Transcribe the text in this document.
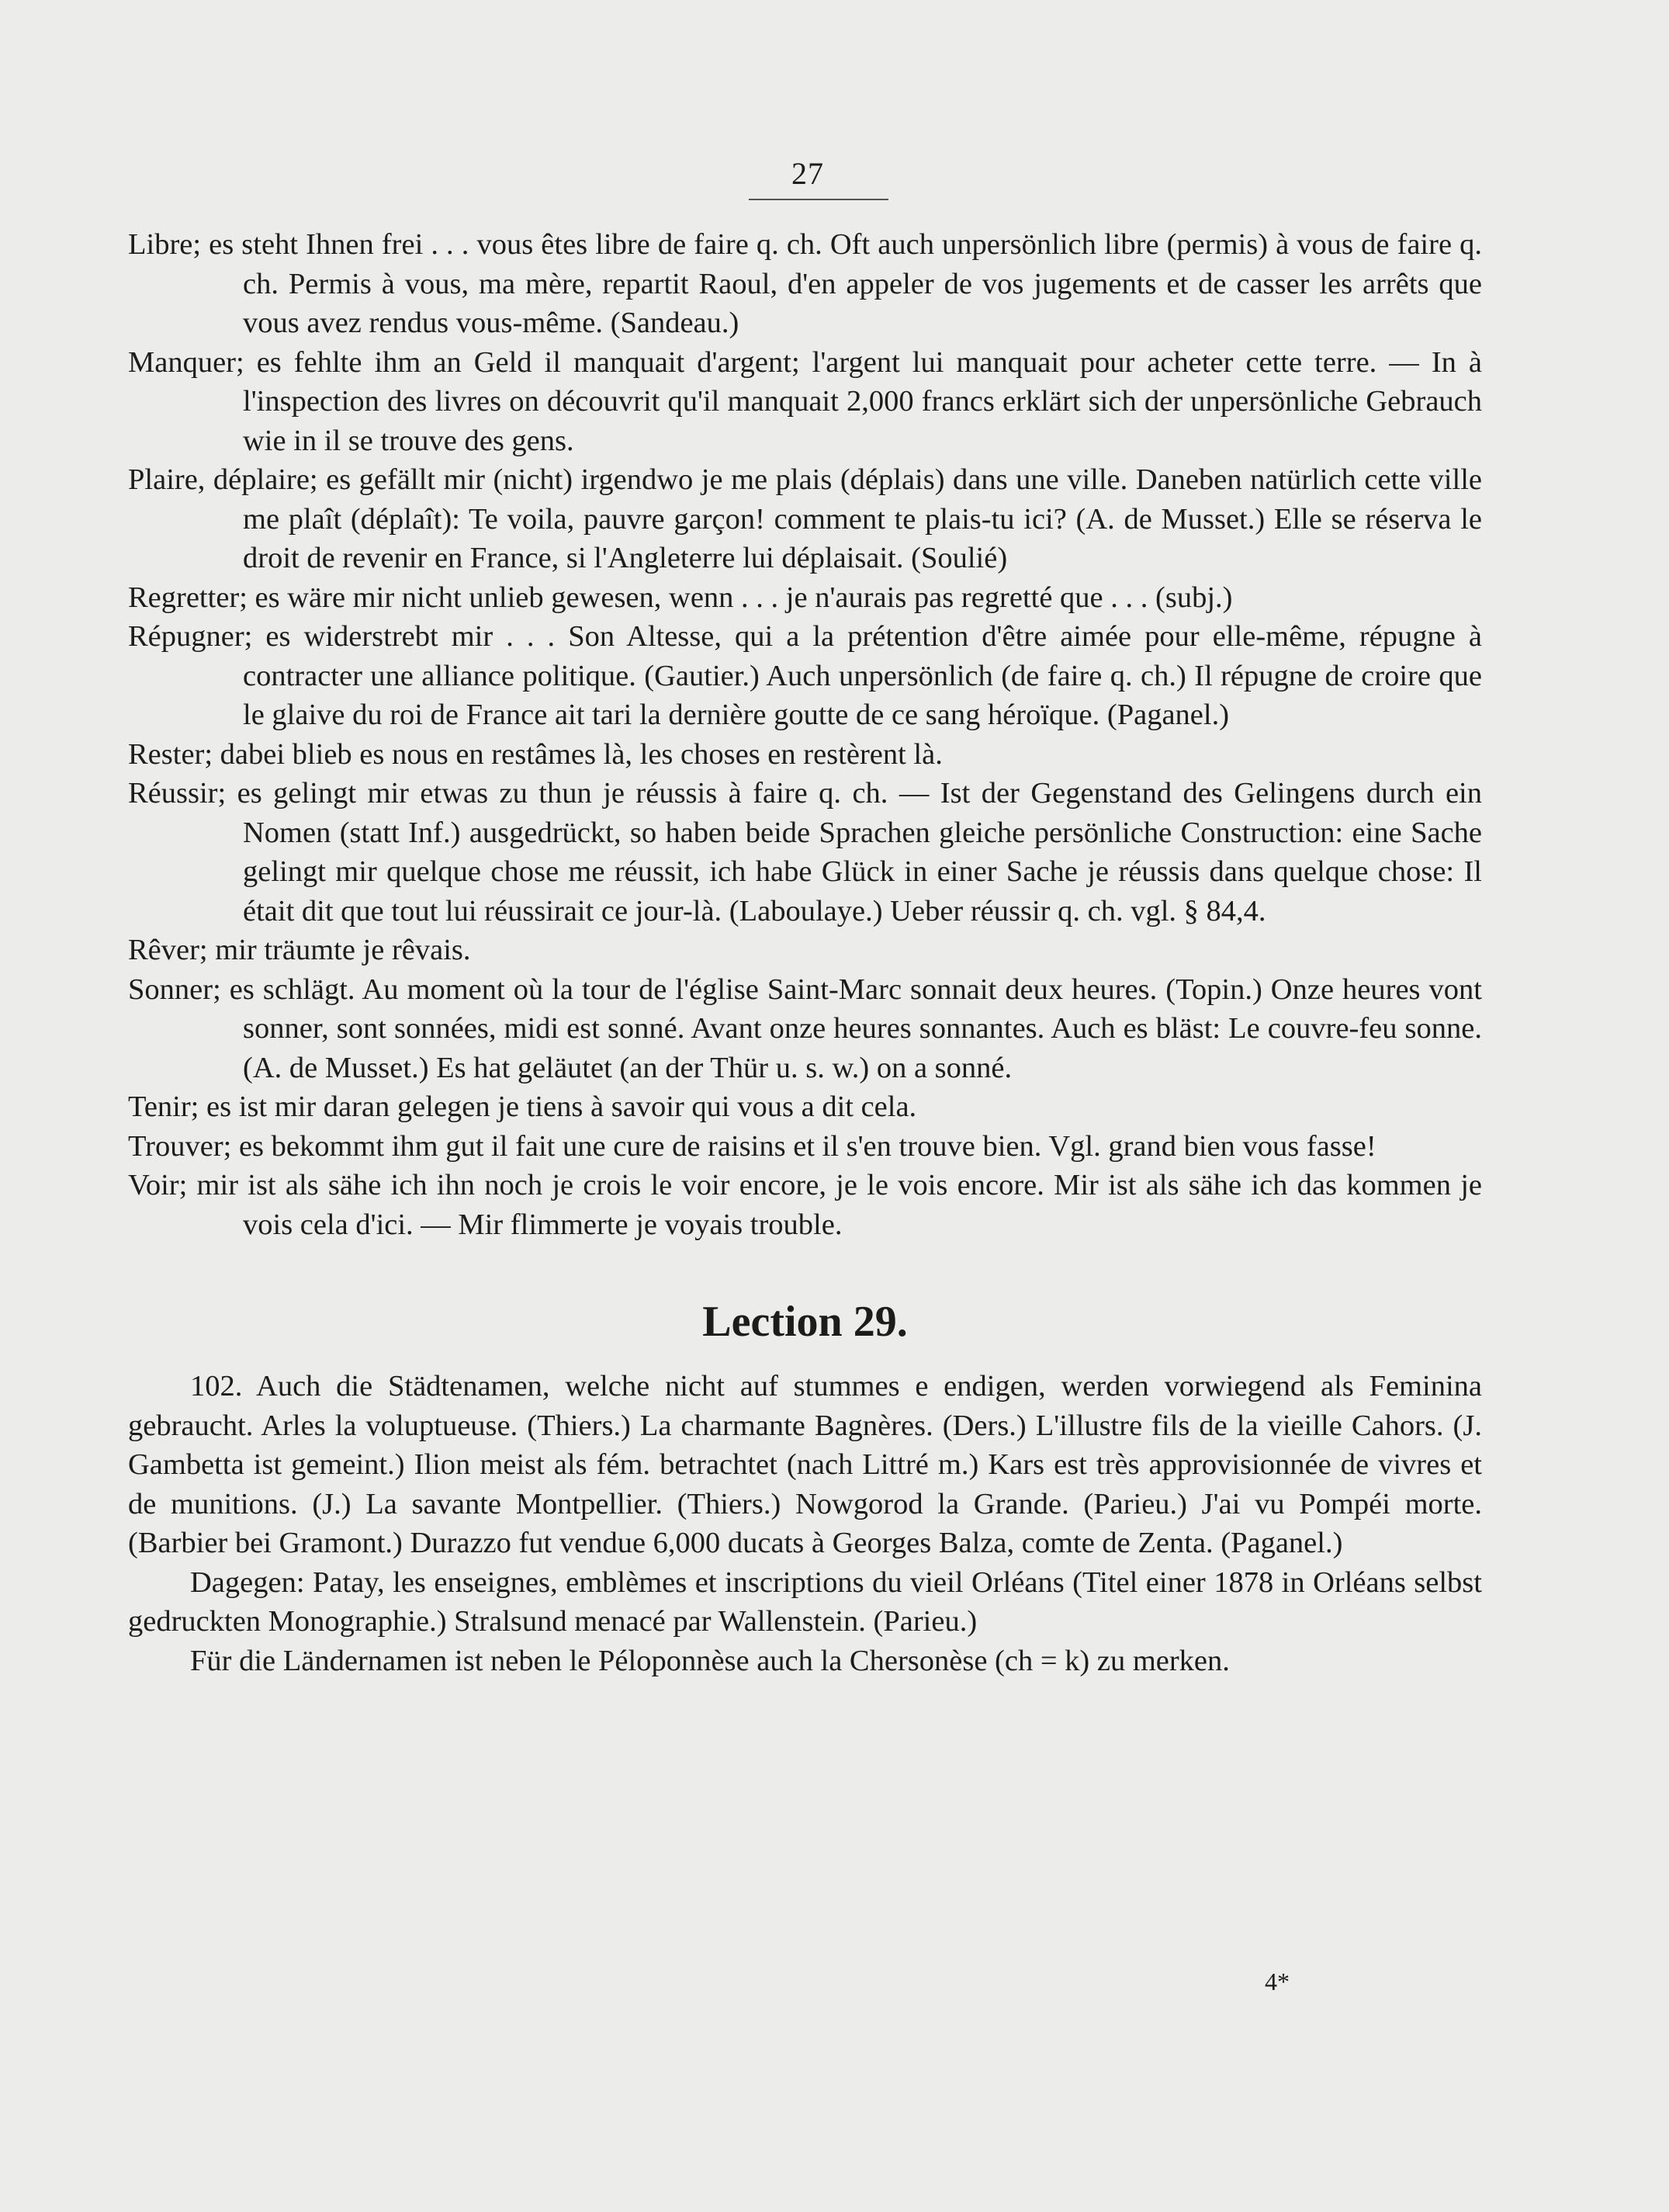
27

Libre; es steht Ihnen frei . . . vous êtes libre de faire q. ch. Oft auch unpersönlich libre (permis) à vous de faire q. ch. Permis à vous, ma mère, repartit Raoul, d'en appeler de vos jugements et de casser les arrêts que vous avez rendus vous-même. (Sandeau.)

Manquer; es fehlte ihm an Geld il manquait d'argent; l'argent lui manquait pour acheter cette terre. — In à l'inspection des livres on découvrit qu'il manquait 2,000 francs erklärt sich der unpersönliche Gebrauch wie in il se trouve des gens.

Plaire, déplaire; es gefällt mir (nicht) irgendwo je me plais (déplais) dans une ville. Daneben natürlich cette ville me plaît (déplaît): Te voila, pauvre garçon! comment te plais-tu ici? (A. de Musset.) Elle se réserva le droit de revenir en France, si l'Angleterre lui déplaisait. (Soulié)

Regretter; es wäre mir nicht unlieb gewesen, wenn . . . je n'aurais pas regretté que . . . (subj.)

Répugner; es widerstrebt mir . . . Son Altesse, qui a la prétention d'être aimée pour elle-même, répugne à contracter une alliance politique. (Gautier.) Auch unpersönlich (de faire q. ch.) Il répugne de croire que le glaive du roi de France ait tari la dernière goutte de ce sang héroïque. (Paganel.)

Rester; dabei blieb es nous en restâmes là, les choses en restèrent là.

Réussir; es gelingt mir etwas zu thun je réussis à faire q. ch. — Ist der Gegenstand des Gelingens durch ein Nomen (statt Inf.) ausgedrückt, so haben beide Sprachen gleiche persönliche Construction: eine Sache gelingt mir quelque chose me réussit, ich habe Glück in einer Sache je réussis dans quelque chose: Il était dit que tout lui réussirait ce jour-là. (Laboulaye.) Ueber réussir q. ch. vgl. § 84,4.

Rêver; mir träumte je rêvais.

Sonner; es schlägt. Au moment où la tour de l'église Saint-Marc sonnait deux heures. (Topin.) Onze heures vont sonner, sont sonnées, midi est sonné. Avant onze heures sonnantes. Auch es bläst: Le couvre-feu sonne. (A. de Musset.) Es hat geläutet (an der Thür u. s. w.) on a sonné.

Tenir; es ist mir daran gelegen je tiens à savoir qui vous a dit cela.

Trouver; es bekommt ihm gut il fait une cure de raisins et il s'en trouve bien. Vgl. grand bien vous fasse!

Voir; mir ist als sähe ich ihn noch je crois le voir encore, je le vois encore. Mir ist als sähe ich das kommen je vois cela d'ici. — Mir flimmerte je voyais trouble.

Lection 29.

102. Auch die Städtenamen, welche nicht auf stummes e endigen, werden vorwiegend als Feminina gebraucht. Arles la voluptueuse. (Thiers.) La charmante Bagnères. (Ders.) L'illustre fils de la vieille Cahors. (J. Gambetta ist gemeint.) Ilion meist als fém. betrachtet (nach Littré m.) Kars est très approvisionnée de vivres et de munitions. (J.) La savante Montpellier. (Thiers.) Nowgorod la Grande. (Parieu.) J'ai vu Pompéi morte. (Barbier bei Gramont.) Durazzo fut vendue 6,000 ducats à Georges Balza, comte de Zenta. (Paganel.)

Dagegen: Patay, les enseignes, emblèmes et inscriptions du vieil Orléans (Titel einer 1878 in Orléans selbst gedruckten Monographie.) Stralsund menacé par Wallenstein. (Parieu.)

Für die Ländernamen ist neben le Péloponnèse auch la Chersonèse (ch = k) zu merken.

4*
